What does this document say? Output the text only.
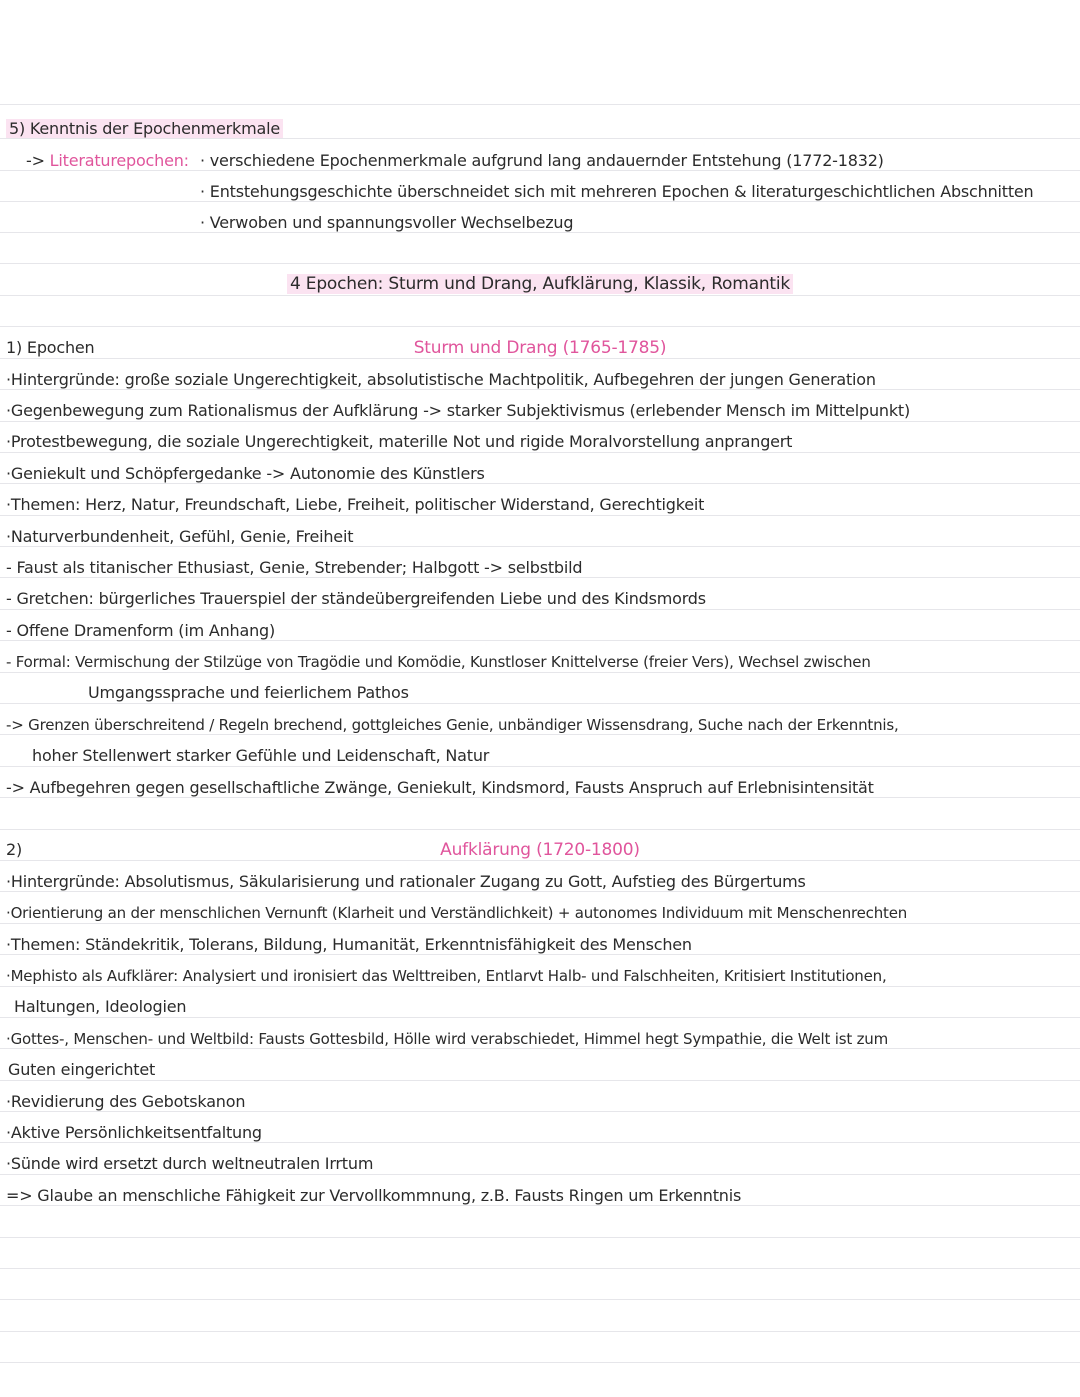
5) Kenntnis der Epochenmerkmale
-> Literaturepochen: · verschiedene Epochenmerkmale aufgrund lang andauernder Entstehung (1772-1832)
· Entstehungsgeschichte überschneidet sich mit mehreren Epochen & literaturgeschichtlichen Abschnitten
· Verwoben und spannungsvoller Wechselbezug
4 Epochen: Sturm und Drang, Aufklärung, Klassik, Romantik
1) Epochen	Sturm und Drang (1765-1785)
·Hintergründe: große soziale Ungerechtigkeit, absolutistische Machtpolitik, Aufbegehren der jungen Generation
·Gegenbewegung zum Rationalismus der Aufklärung -> starker Subjektivismus (erlebender Mensch im Mittelpunkt)
·Protestbewegung, die soziale Ungerechtigkeit, materille Not und rigide Moralvorstellung anprangert
·Geniekult und Schöpfergedanke -> Autonomie des Künstlers
·Themen: Herz, Natur, Freundschaft, Liebe, Freiheit, politischer Widerstand, Gerechtigkeit
·Naturverbundenheit, Gefühl, Genie, Freiheit
- Faust als titanischer Ethusiast, Genie, Strebender; Halbgott -> selbstbild
- Gretchen: bürgerliches Trauerspiel der ständeübergreifenden Liebe und des Kindsmords
- Offene Dramenform (im Anhang)
- Formal: Vermischung der Stilzüge von Tragödie und Komödie, Kunstloser Knittelverse (freier Vers), Wechsel zwischen
Umgangssprache und feierlichem Pathos
-> Grenzen überschreitend / Regeln brechend, gottgleiches Genie, unbändiger Wissensdrang, Suche nach der Erkenntnis,
hoher Stellenwert starker Gefühle und Leidenschaft, Natur
-> Aufbegehren gegen gesellschaftliche Zwänge, Geniekult, Kindsmord, Fausts Anspruch auf Erlebnisintensität
2)	Aufklärung (1720-1800)
·Hintergründe: Absolutismus, Säkularisierung und rationaler Zugang zu Gott, Aufstieg des Bürgertums
·Orientierung an der menschlichen Vernunft (Klarheit und Verständlichkeit) + autonomes Individuum mit Menschenrechten
·Themen: Ständekritik, Tolerans, Bildung, Humanität, Erkenntnisfähigkeit des Menschen
·Mephisto als Aufklärer: Analysiert und ironisiert das Welttreiben, Entlarvt Halb- und Falschheiten, Kritisiert Institutionen,
Haltungen, Ideologien
·Gottes-, Menschen- und Weltbild: Fausts Gottesbild, Hölle wird verabschiedet, Himmel hegt Sympathie, die Welt ist zum
Guten eingerichtet
·Revidierung des Gebotskanon
·Aktive Persönlichkeitsentfaltung
·Sünde wird ersetzt durch weltneutralen Irrtum
=> Glaube an menschliche Fähigkeit zur Vervollkommnung, z.B. Fausts Ringen um Erkenntnis
